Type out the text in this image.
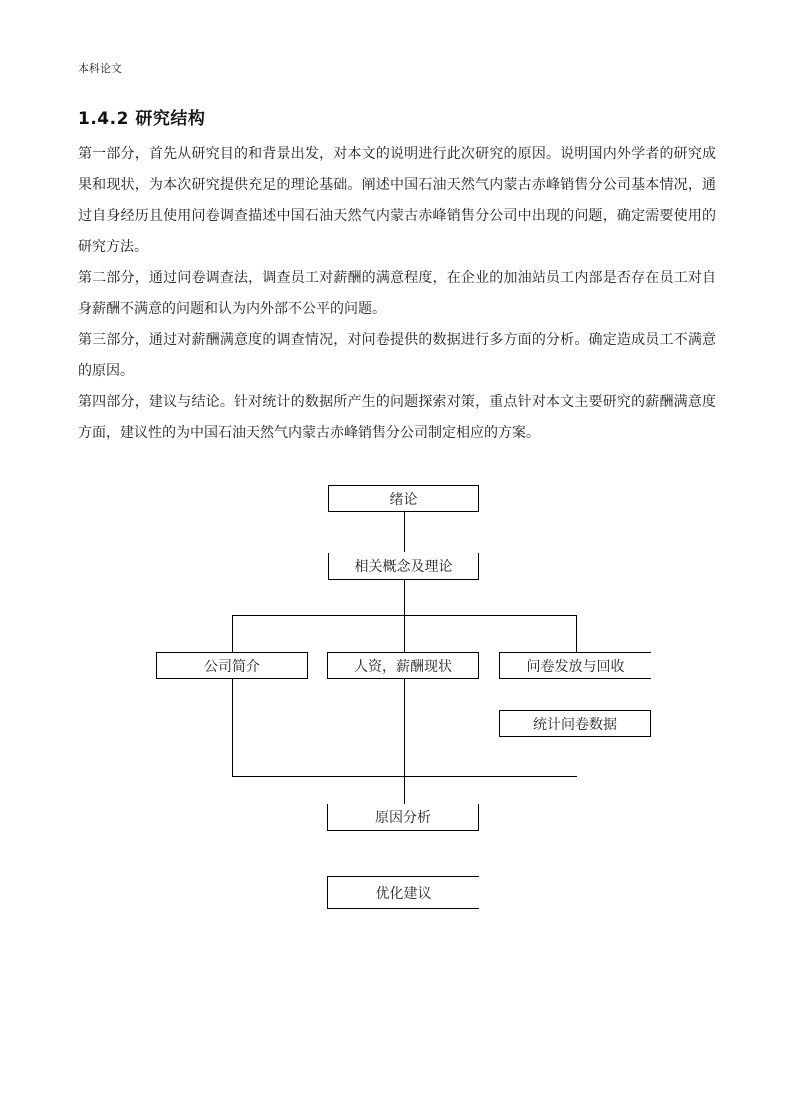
本科论文
1.4.2 研究结构

第一部分，首先从研究目的和背景出发，对本文的说明进行此次研究的原因。说明国内外学者的研究成果和现状，为本次研究提供充足的理论基础。阐述中国石油天然气内蒙古赤峰销售分公司基本情况，通过自身经历且使用问卷调查描述中国石油天然气内蒙古赤峰销售分公司中出现的问题，确定需要使用的研究方法。

第二部分，通过问卷调查法，调查员工对薪酬的满意程度，在企业的加油站员工内部是否存在员工对自身薪酬不满意的问题和认为内外部不公平的问题。

第三部分，通过对薪酬满意度的调查情况，对问卷提供的数据进行多方面的分析。确定造成员工不满意的原因。

第四部分，建议与结论。针对统计的数据所产生的问题探索对策，重点针对本文主要研究的薪酬满意度方面，建议性的为中国石油天然气内蒙古赤峰销售分公司制定相应的方案。

绪论
相关概念及理论
公司简介	人资，薪酬现状	问卷发放与回收
统计问卷数据
原因分析
优化建议
